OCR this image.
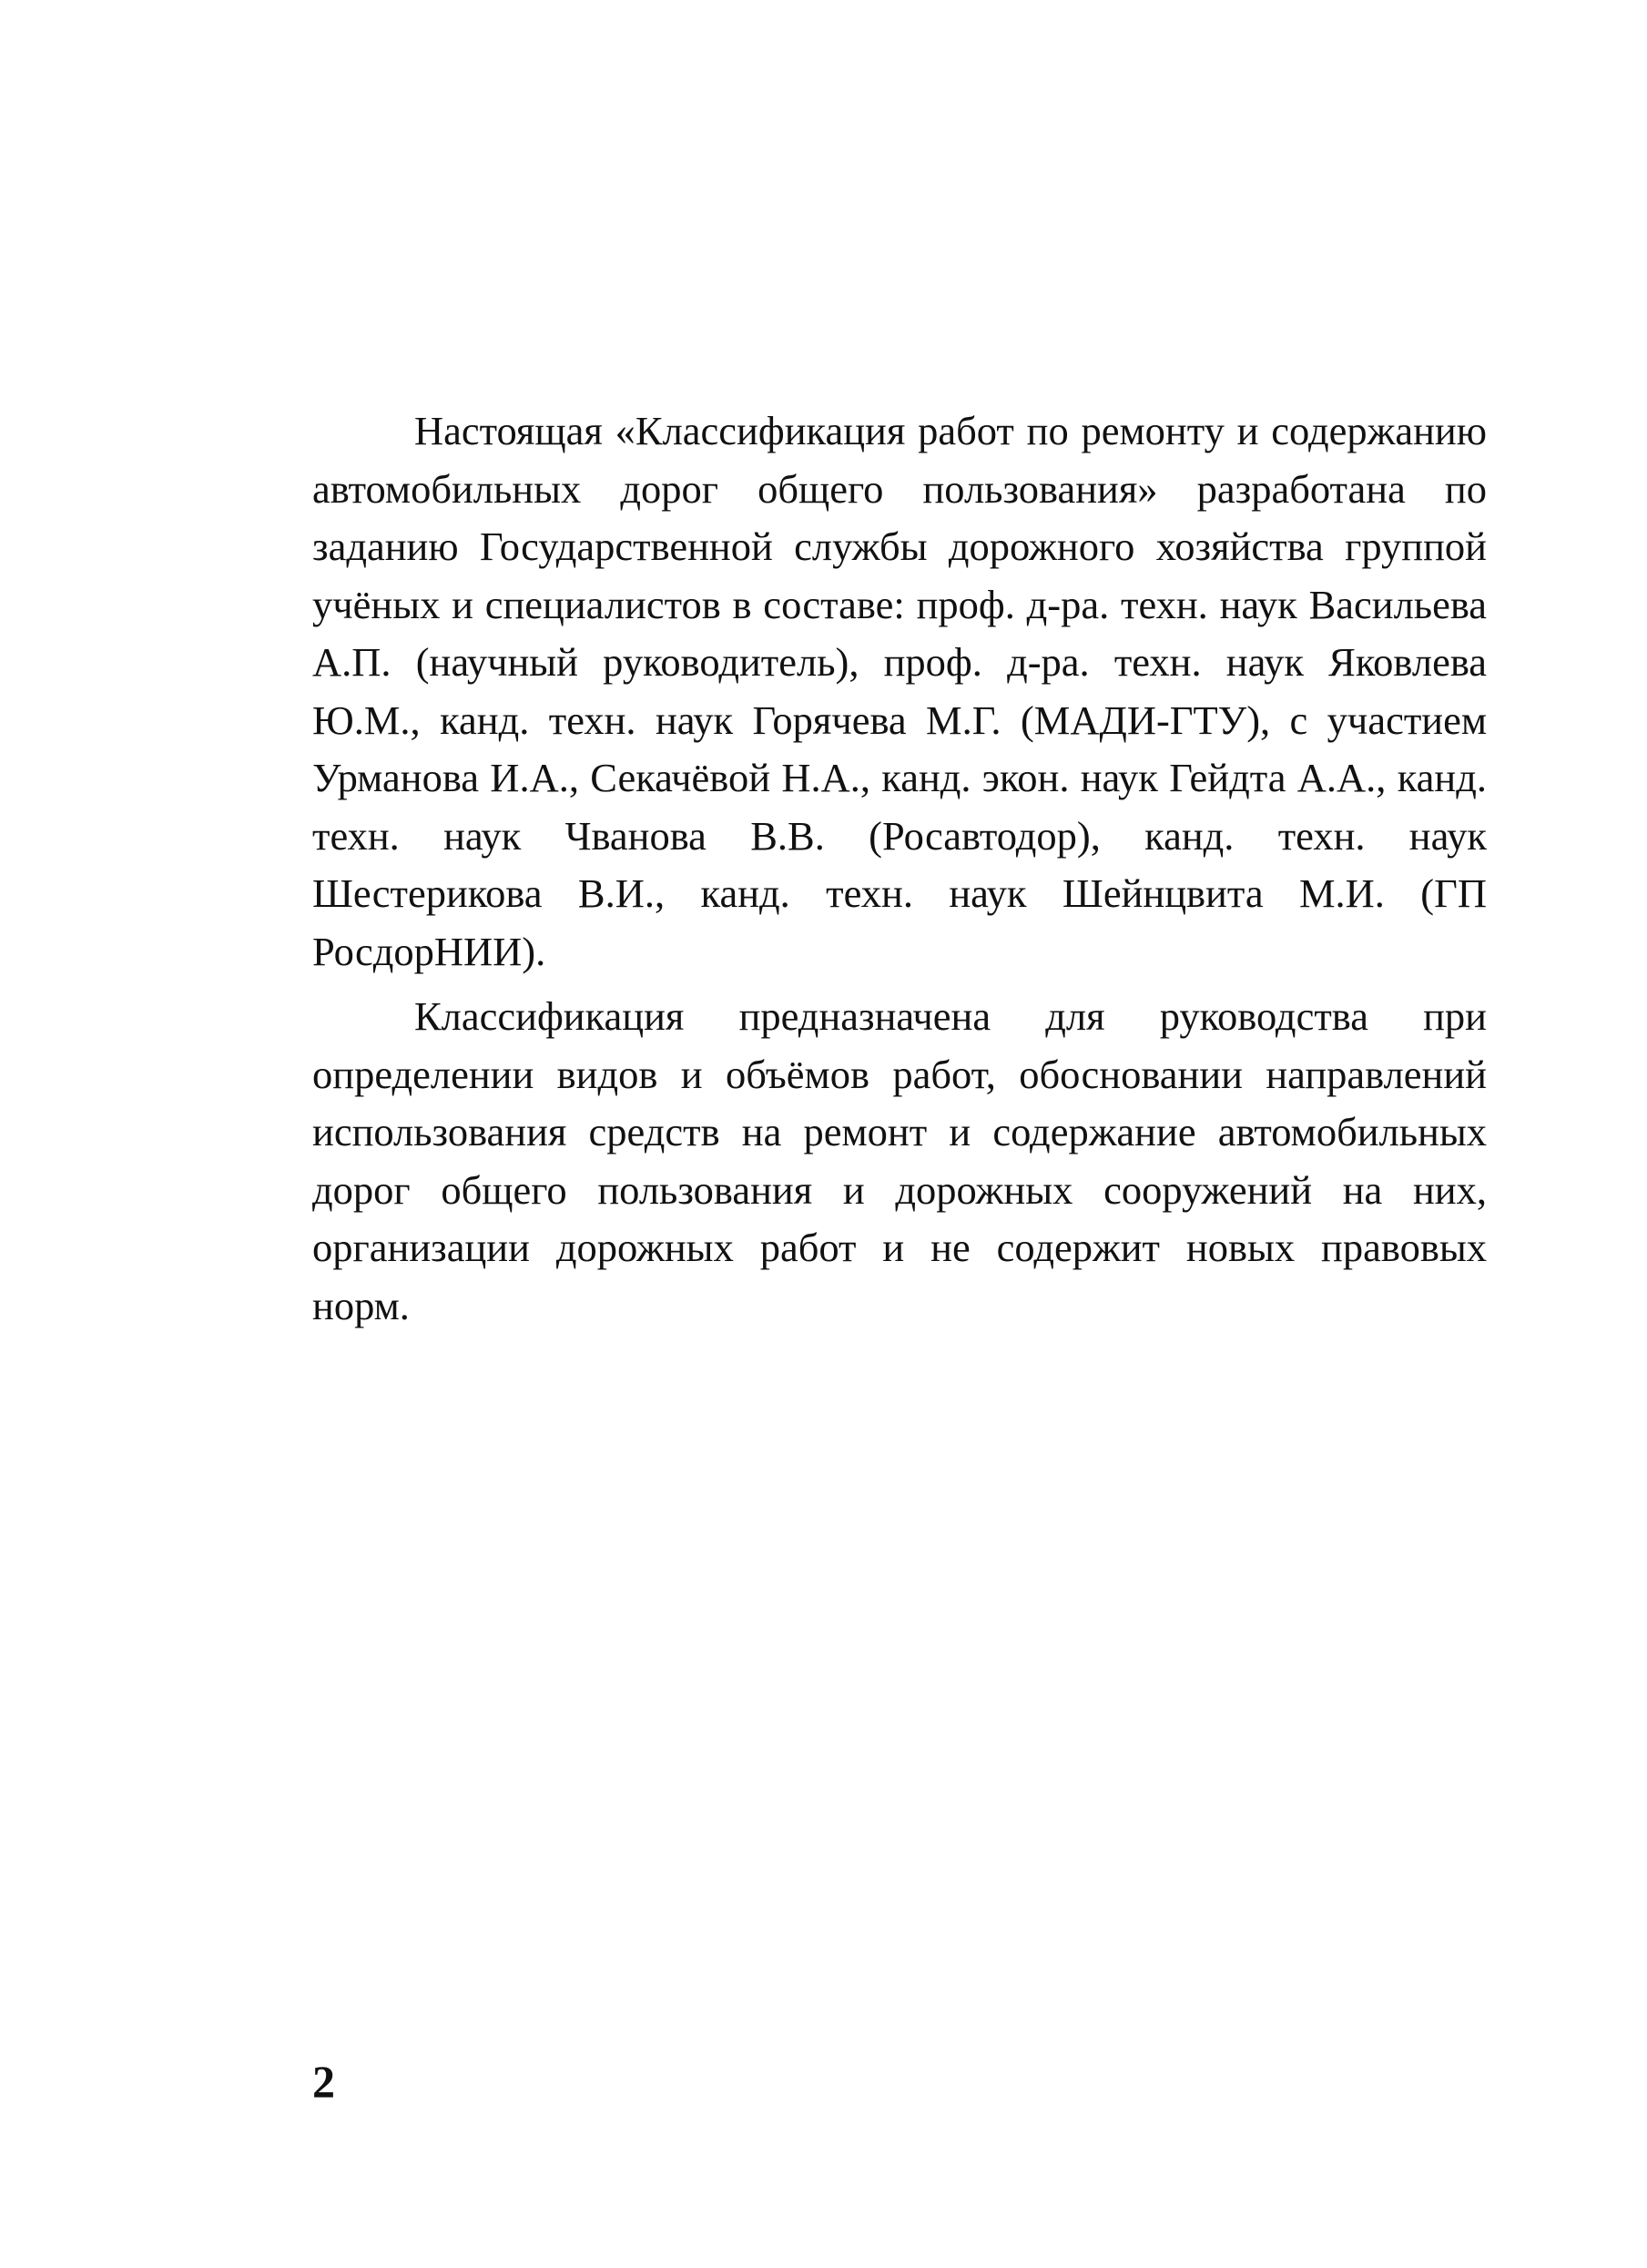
Настоящая «Классификация работ по ремонту и содержанию автомобильных дорог общего пользования» разработана по заданию Государственной службы дорожного хозяйства группой учёных и специалистов в составе: проф. д-ра. техн. наук Васильева А.П. (научный руководитель), проф. д-ра. техн. наук Яковлева Ю.М., канд. техн. наук Горячева М.Г. (МАДИ-ГТУ), с участием Урманова И.А., Секачёвой Н.А., канд. экон. наук Гейдта А.А., канд. техн. наук Чванова В.В. (Росавтодор), канд. техн. наук Шестерикова В.И., канд. техн. наук Шейнцвита М.И. (ГП РосдорНИИ).

Классификация предназначена для руководства при определении видов и объёмов работ, обосновании направлений использования средств на ремонт и содержание автомобильных дорог общего пользования и дорожных сооружений на них, организации дорожных работ и не содержит новых правовых норм.

2
